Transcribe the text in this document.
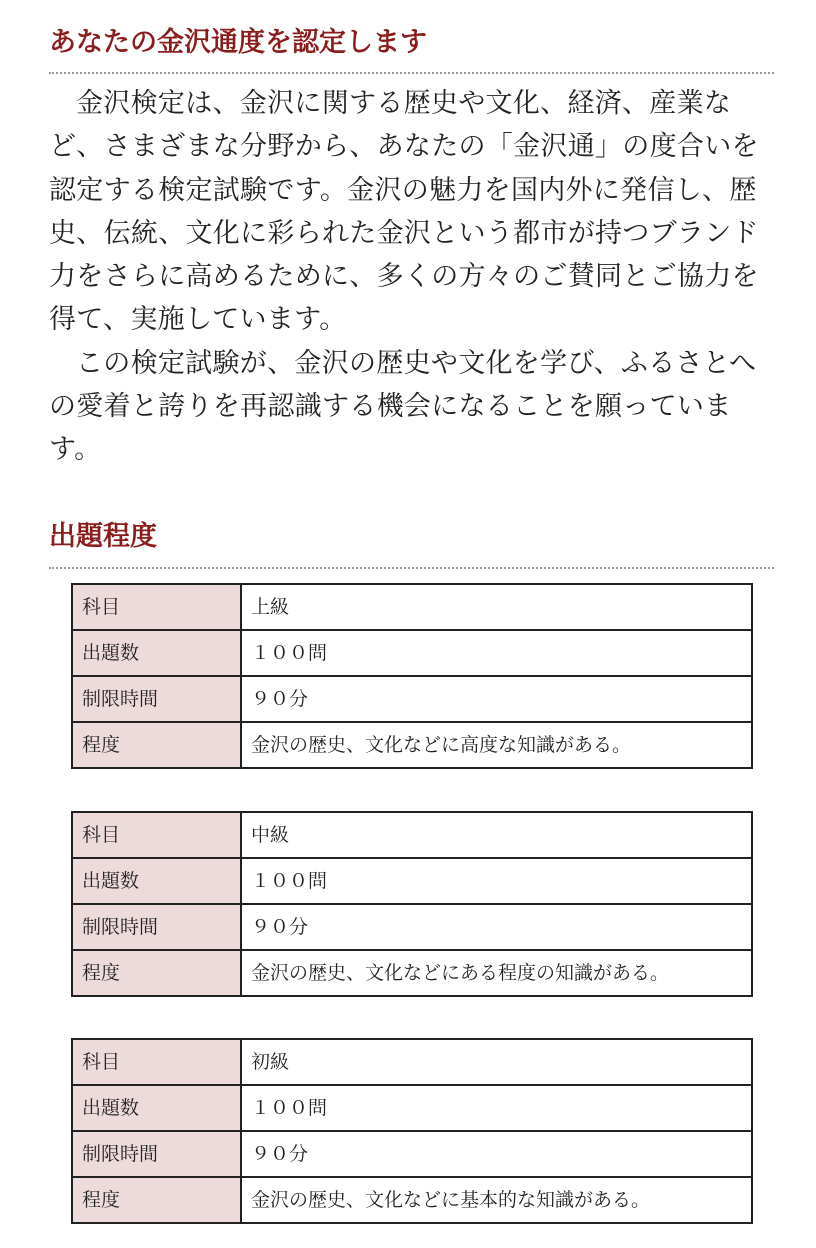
あなたの金沢通度を認定します

金沢検定は、金沢に関する歴史や文化、経済、産業など、さまざまな分野から、あなたの「金沢通」の度合いを認定する検定試験です。金沢の魅力を国内外に発信し、歴史、伝統、文化に彩られた金沢という都市が持つブランド力をさらに高めるために、多くの方々のご賛同とご協力を得て、実施しています。

この検定試験が、金沢の歴史や文化を学び、ふるさとへの愛着と誇りを再認識する機会になることを願っています。

出題程度
科目	上級
出題数	１００問
制限時間	９０分
程度	金沢の歴史、文化などに高度な知識がある。
科目	中級
出題数	１００問
制限時間	９０分
程度	金沢の歴史、文化などにある程度の知識がある。
科目	初級
出題数	１００問
制限時間	９０分
程度	金沢の歴史、文化などに基本的な知識がある。
